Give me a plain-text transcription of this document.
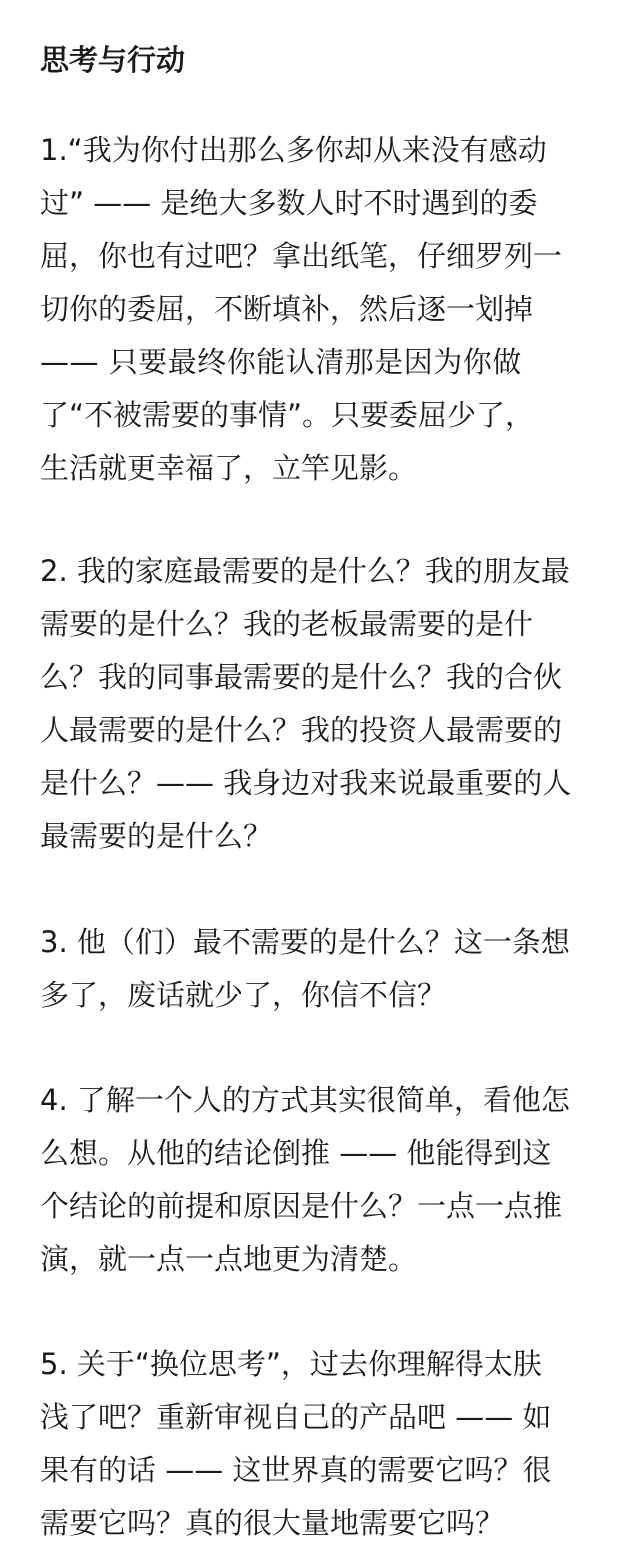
思考与行动
1.“我为你付出那么多你却从来没有感动
过” —— 是绝大多数人时不时遇到的委
屈，你也有过吧？拿出纸笔，仔细罗列一
切你的委屈，不断填补，然后逐一划掉
—— 只要最终你能认清那是因为你做
了“不被需要的事情”。只要委屈少了，
生活就更幸福了，立竿见影。
2. 我的家庭最需要的是什么？我的朋友最
需要的是什么？我的老板最需要的是什
么？我的同事最需要的是什么？我的合伙
人最需要的是什么？我的投资人最需要的
是什么？—— 我身边对我来说最重要的人
最需要的是什么？
3. 他（们）最不需要的是什么？这一条想
多了，废话就少了，你信不信？
4. 了解一个人的方式其实很简单，看他怎
么想。从他的结论倒推 —— 他能得到这
个结论的前提和原因是什么？一点一点推
演，就一点一点地更为清楚。
5. 关于“换位思考”，过去你理解得太肤
浅了吧？重新审视自己的产品吧 —— 如
果有的话 —— 这世界真的需要它吗？很
需要它吗？真的很大量地需要它吗？
